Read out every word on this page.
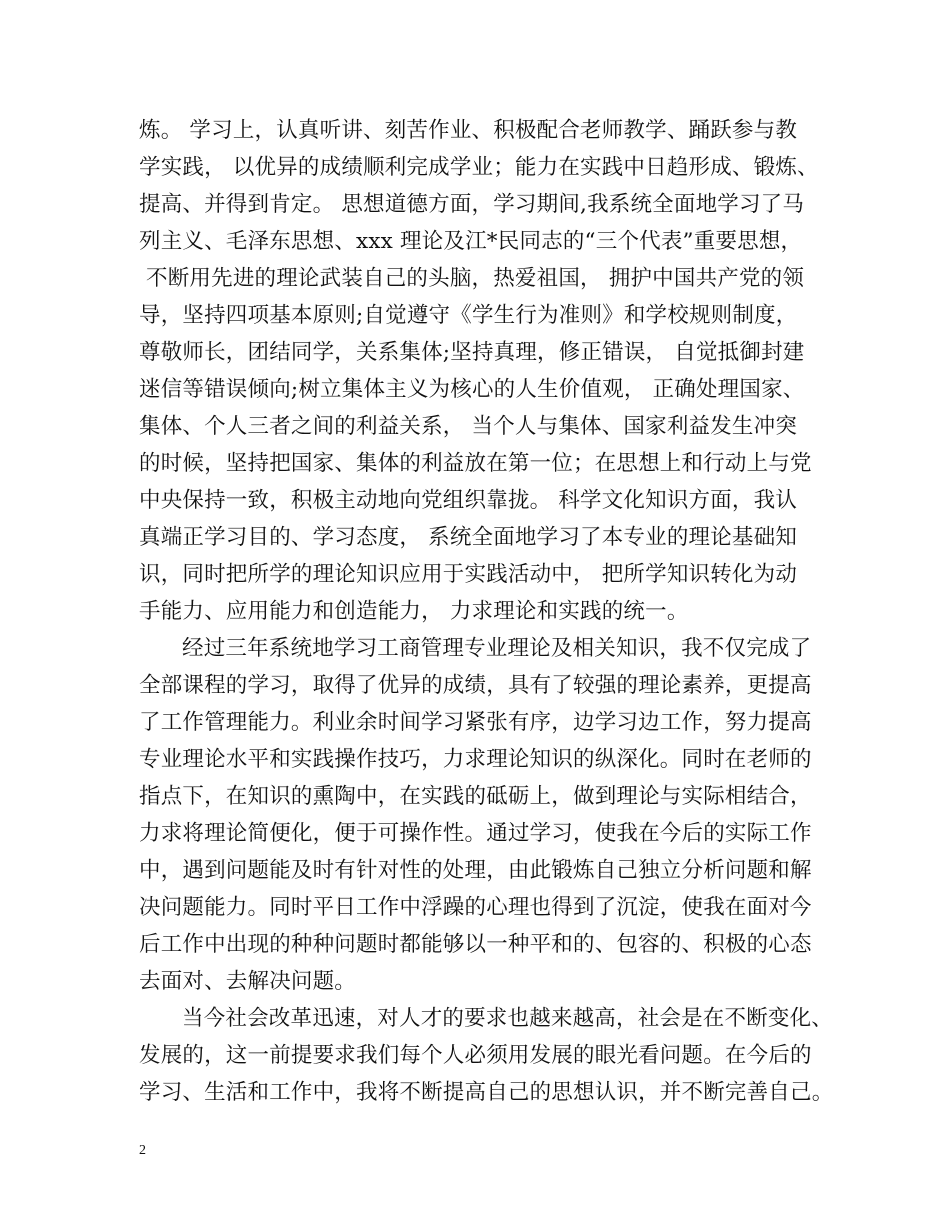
炼。 学习上，认真听讲、刻苦作业、积极配合老师教学、踊跃参与教
学实践， 以优异的成绩顺利完成学业；能力在实践中日趋形成、锻炼、
提高、并得到肯定。 思想道德方面，学习期间,我系统全面地学习了马
列主义、毛泽东思想、xxx 理论及江*民同志的“三个代表”重要思想，
不断用先进的理论武装自己的头脑，热爱祖国， 拥护中国共产党的领
导，坚持四项基本原则;自觉遵守《学生行为准则》和学校规则制度，
尊敬师长，团结同学，关系集体;坚持真理，修正错误， 自觉抵御封建
迷信等错误倾向;树立集体主义为核心的人生价值观， 正确处理国家、
集体、个人三者之间的利益关系， 当个人与集体、国家利益发生冲突
的时候，坚持把国家、集体的利益放在第一位；在思想上和行动上与党
中央保持一致，积极主动地向党组织靠拢。 科学文化知识方面，我认
真端正学习目的、学习态度， 系统全面地学习了本专业的理论基础知
识，同时把所学的理论知识应用于实践活动中， 把所学知识转化为动
手能力、应用能力和创造能力， 力求理论和实践的统一。
经过三年系统地学习工商管理专业理论及相关知识，我不仅完成了
全部课程的学习，取得了优异的成绩，具有了较强的理论素养，更提高
了工作管理能力。利业余时间学习紧张有序，边学习边工作，努力提高
专业理论水平和实践操作技巧，力求理论知识的纵深化。同时在老师的
指点下，在知识的熏陶中，在实践的砥砺上，做到理论与实际相结合，
力求将理论简便化，便于可操作性。通过学习，使我在今后的实际工作
中，遇到问题能及时有针对性的处理，由此锻炼自己独立分析问题和解
决问题能力。同时平日工作中浮躁的心理也得到了沉淀，使我在面对今
后工作中出现的种种问题时都能够以一种平和的、包容的、积极的心态
去面对、去解决问题。
当今社会改革迅速，对人才的要求也越来越高，社会是在不断变化、
发展的，这一前提要求我们每个人必须用发展的眼光看问题。在今后的
学习、生活和工作中，我将不断提高自己的思想认识，并不断完善自己。
2
